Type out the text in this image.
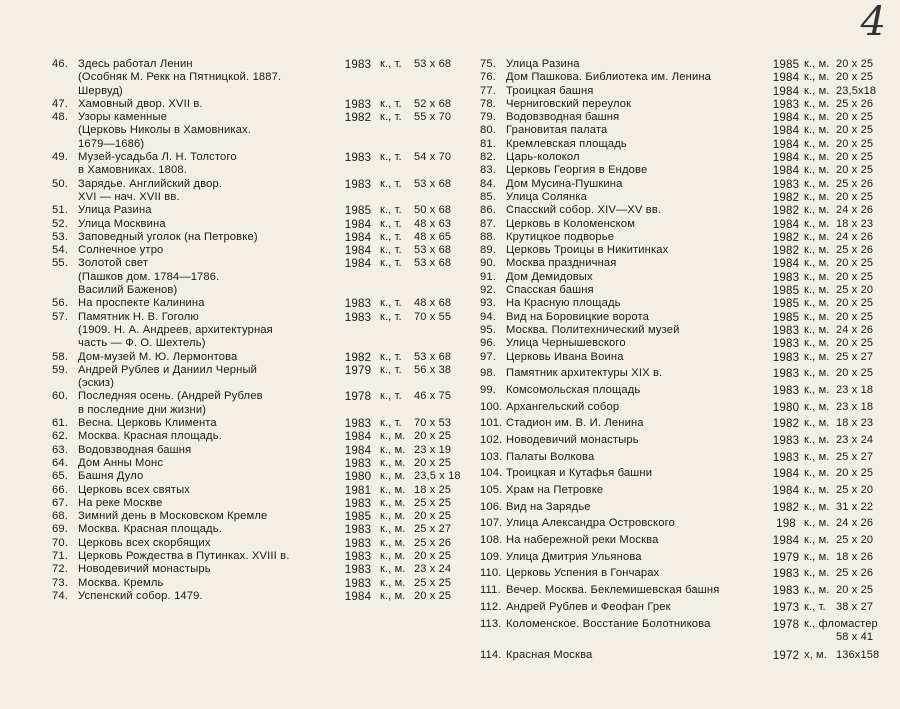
4
46. Здесь работал Ленин
(Особняк М. Рекк на Пятницкой. 1887.
Шервуд)
1983 к., т.	53 х 68
47. Хамовный двор. XVII в.	1983 к., т.	52 х 68
48. Узоры каменные
(Церковь Николы в Хамовниках.
1679—1686)
1982 к., т.	55 х 70
49. Музей-усадьба Л. Н. Толстого
в Хамовниках. 1808.
1983 к., т.	54 х 70
50. Зарядье. Английский двор.
XVI — нач. XVII вв.
1983 к., т.	53 х 68
51. Улица Разина	1985 к., т.	50 х 68
52. Улица Москвина	1984 к., т.	48 х 63
53. Заповедный уголок (на Петровке)	1984 к., т.	48 х 65
54. Солнечное утро	1984 к., т.	53 х 68
55. Золотой свет
(Пашков дом. 1784—1786.
Василий Баженов)
1984 к., т.	53 х 68
56. На проспекте Калинина	1983 к., т.	48 х 68
57. Памятник Н. В. Гоголю
(1909. Н. А. Андреев, архитектурная
часть — Ф. О. Шехтель)
1983 к., т.	70 х 55
58. Дом-музей М. Ю. Лермонтова	1982 к., т.	53 х 68
59. Андрей Рублев и Даниил Черный
(эскиз)
1979 к., т.	56 х 38
60. Последняя осень. (Андрей Рублев
в последние дни жизни)
1978 к., т.	46 х 75
61. Весна. Церковь Климента	1983 к., т.	70 х 53
62. Москва. Красная площадь.	1984 к., м. 20 х 25
63. Водовзводная башня	1984 к., м. 23 х 19
64. Дом Анны Монс	1983 к., м. 20 х 25
65. Башня Дуло	1980 к., м. 23,5 х 18
66. Церковь всех святых	1981 к., м. 18 х 25
67. На реке Москве	1983 к., м. 25 х 25
68. Зимний день в Московском Кремле	1985 к., м. 20 х 25
69. Москва. Красная площадь.	1983 к., м. 25 х 27
70. Церковь всех скорбящих	1983 к., м. 25 х 26
71. Церковь Рождества в Путинках. XVIII в.	1983 к., м. 20 х 25
72. Новодевичий монастырь	1983 к., м. 23 х 24
73. Москва. Кремль	1983 к., м. 25 х 25
74. Успенский собор. 1479.	1984 к., м. 20 х 25
75. Улица Разина	1985 к., м. 20 х 25
76. Дом Пашкова. Библиотека им. Ленина	1984 к., м. 20 х 25
77. Троицкая башня	1984 к., м. 23,5х18
78. Черниговский переулок	1983 к., м. 25 х 26
79. Водовзводная башня	1984 к., м. 20 х 25
80. Грановитая палата	1984 к., м. 20 х 25
81. Кремлевская площадь	1984 к., м. 20 х 25
82. Царь-колокол	1984 к., м. 20 х 25
83. Церковь Георгия в Ендове	1984 к., м. 20 х 25
84. Дом Мусина-Пушкина	1983 к., м. 25 х 26
85. Улица Солянка	1982 к., м. 20 х 25
86. Спасский собор. XIV—XV вв.	1982 к., м. 24 х 26
87. Церковь в Коломенском	1984 к., м. 18 х 23
88. Крутицкое подворье	1982 к., м. 24 х 26
89. Церковь Троицы в Никитинках	1982 к., м. 25 х 26
90. Москва праздничная	1984 к., м. 20 х 25
91. Дом Демидовых	1983 к., м. 20 х 25
92. Спасская башня	1985 к., м. 25 х 20
93. На Красную площадь	1985 к., м. 20 х 25
94. Вид на Боровицкие ворота	1985 к., м. 20 х 25
95. Москва. Политехнический музей	1983 к., м. 24 х 26
96. Улица Чернышевского	1983 к., м. 20 х 25
97. Церковь Ивана Воина	1983 к., м. 25 х 27
98. Памятник архитектуры XIX в.	1983 к., м. 20 х 25
99. Комсомольская площадь	1983 к., м. 23 х 18
100. Архангельский собор	1980 к., м. 23 х 18
101. Стадион им. В. И. Ленина	1982 к., м. 18 х 23
102. Новодевичий монастырь	1983 к., м. 23 х 24
103. Палаты Волкова	1983 к., м. 25 х 27
104. Троицкая и Кутафья башни	1984 к., м. 20 х 25
105. Храм на Петровке	1984 к., м. 25 х 20
106. Вид на Зарядье	1982 к., м. 31 х 22
107. Улица Александра Островского	198 к., м. 24 х 26
108. На набережной реки Москва	1984 к., м. 25 х 20
109. Улица Дмитрия Ульянова	1979 к., м. 18 х 26
110. Церковь Успения в Гончарах	1983 к., м. 25 х 26
111. Вечер. Москва. Беклемишевская башня	1983 к., м. 20 х 25
112. Андрей Рублев и Феофан Грек	1973 к., т. 38 х 27
113. Коломенское. Восстание Болотникова	1978 к., фломастер
58 х 41
114. Красная Москва	1972 х, м. 136х158
